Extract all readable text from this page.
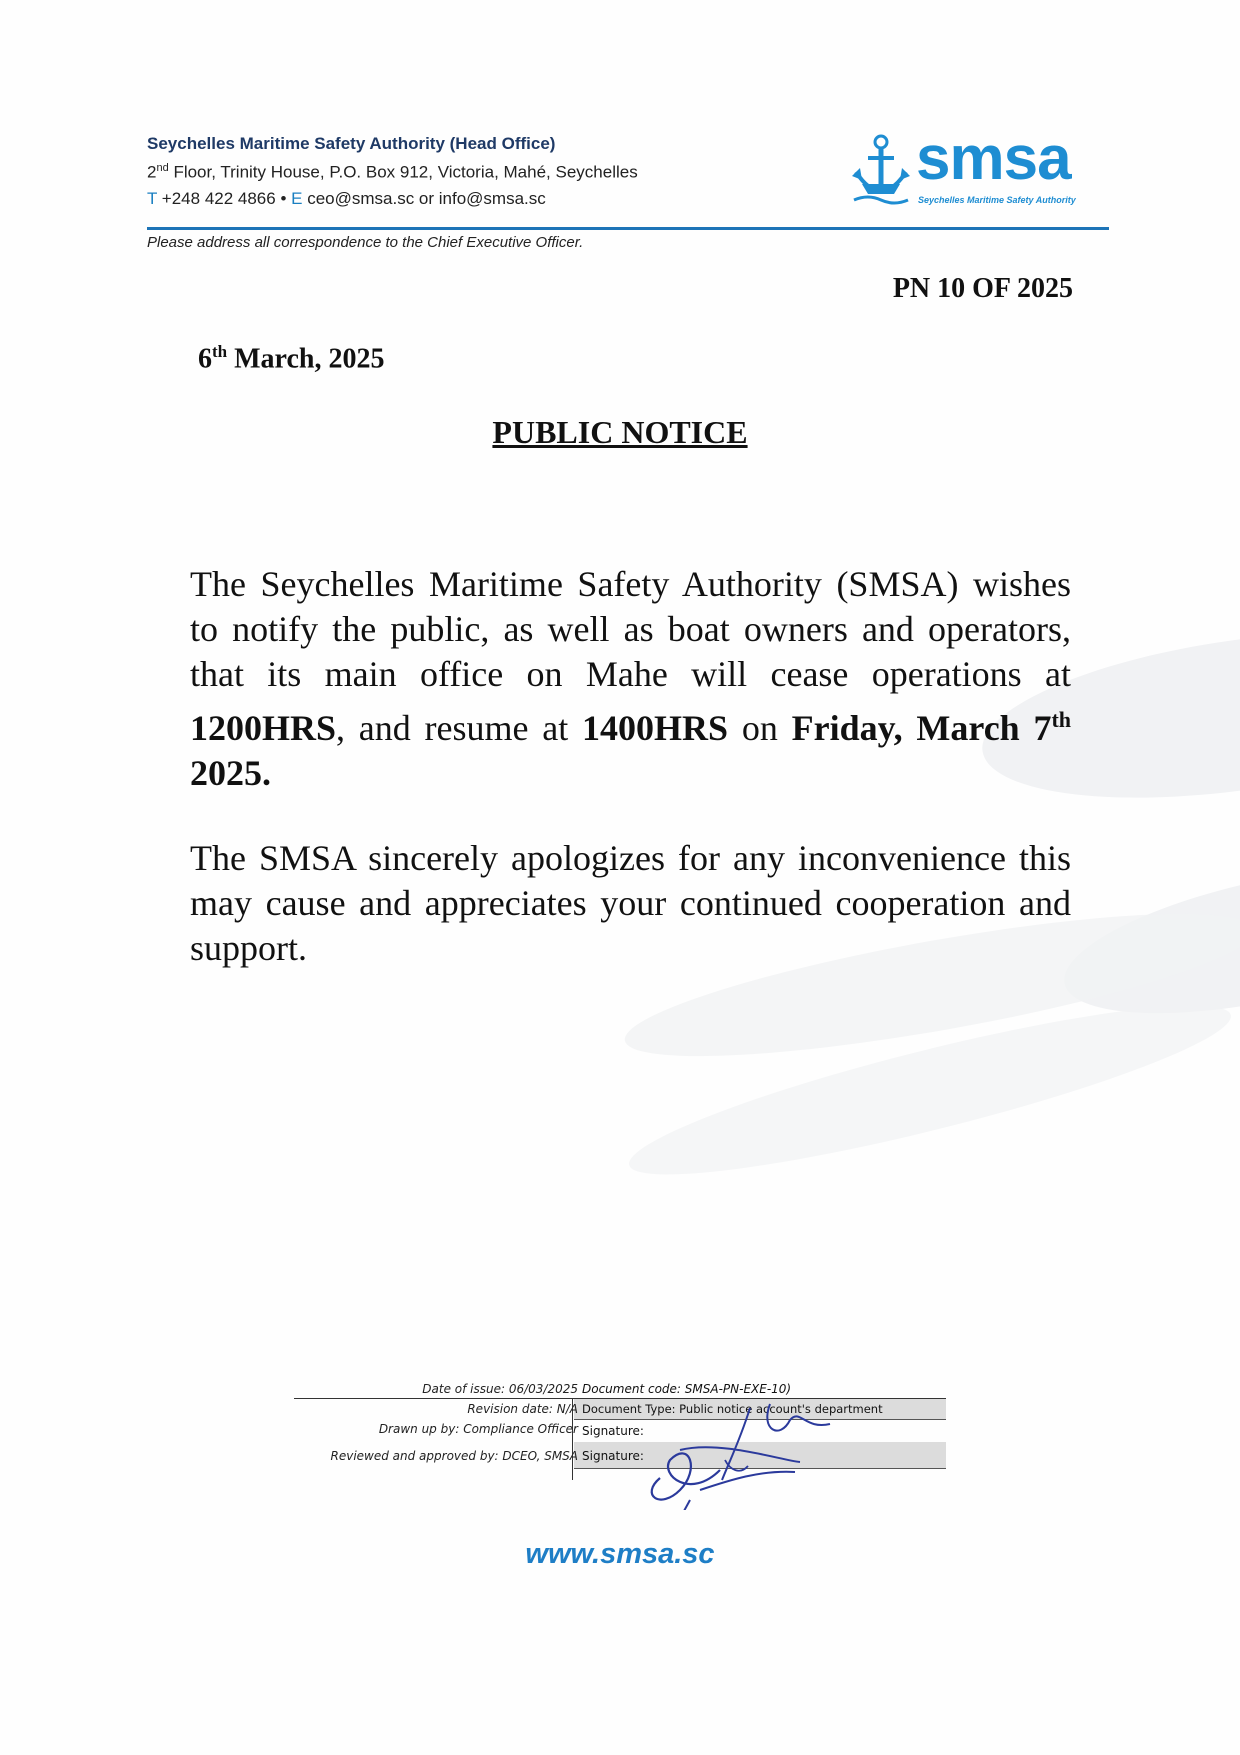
Seychelles Maritime Safety Authority (Head Office)
2nd Floor, Trinity House, P.O. Box 912, Victoria, Mahé, Seychelles
T +248 422 4866 • E ceo@smsa.sc or info@smsa.sc
smsa
Seychelles Maritime Safety Authority
Please address all correspondence to the Chief Executive Officer.
PN 10 OF 2025
6th March, 2025
PUBLIC NOTICE
The Seychelles Maritime Safety Authority (SMSA) wishes to notify the public, as well as boat owners and operators, that its main office on Mahe will cease operations at 1200HRS, and resume at 1400HRS on Friday, March 7th 2025.
The SMSA sincerely apologizes for any inconvenience this may cause and appreciates your continued cooperation and support.
Date of issue: 06/03/2025 Document code: SMSA-PN-EXE-10)
Revision date: N/A Document Type: Public notice account's department
Drawn up by: Compliance Officer Signature:
Reviewed and approved by: DCEO, SMSA Signature:
www.smsa.sc
